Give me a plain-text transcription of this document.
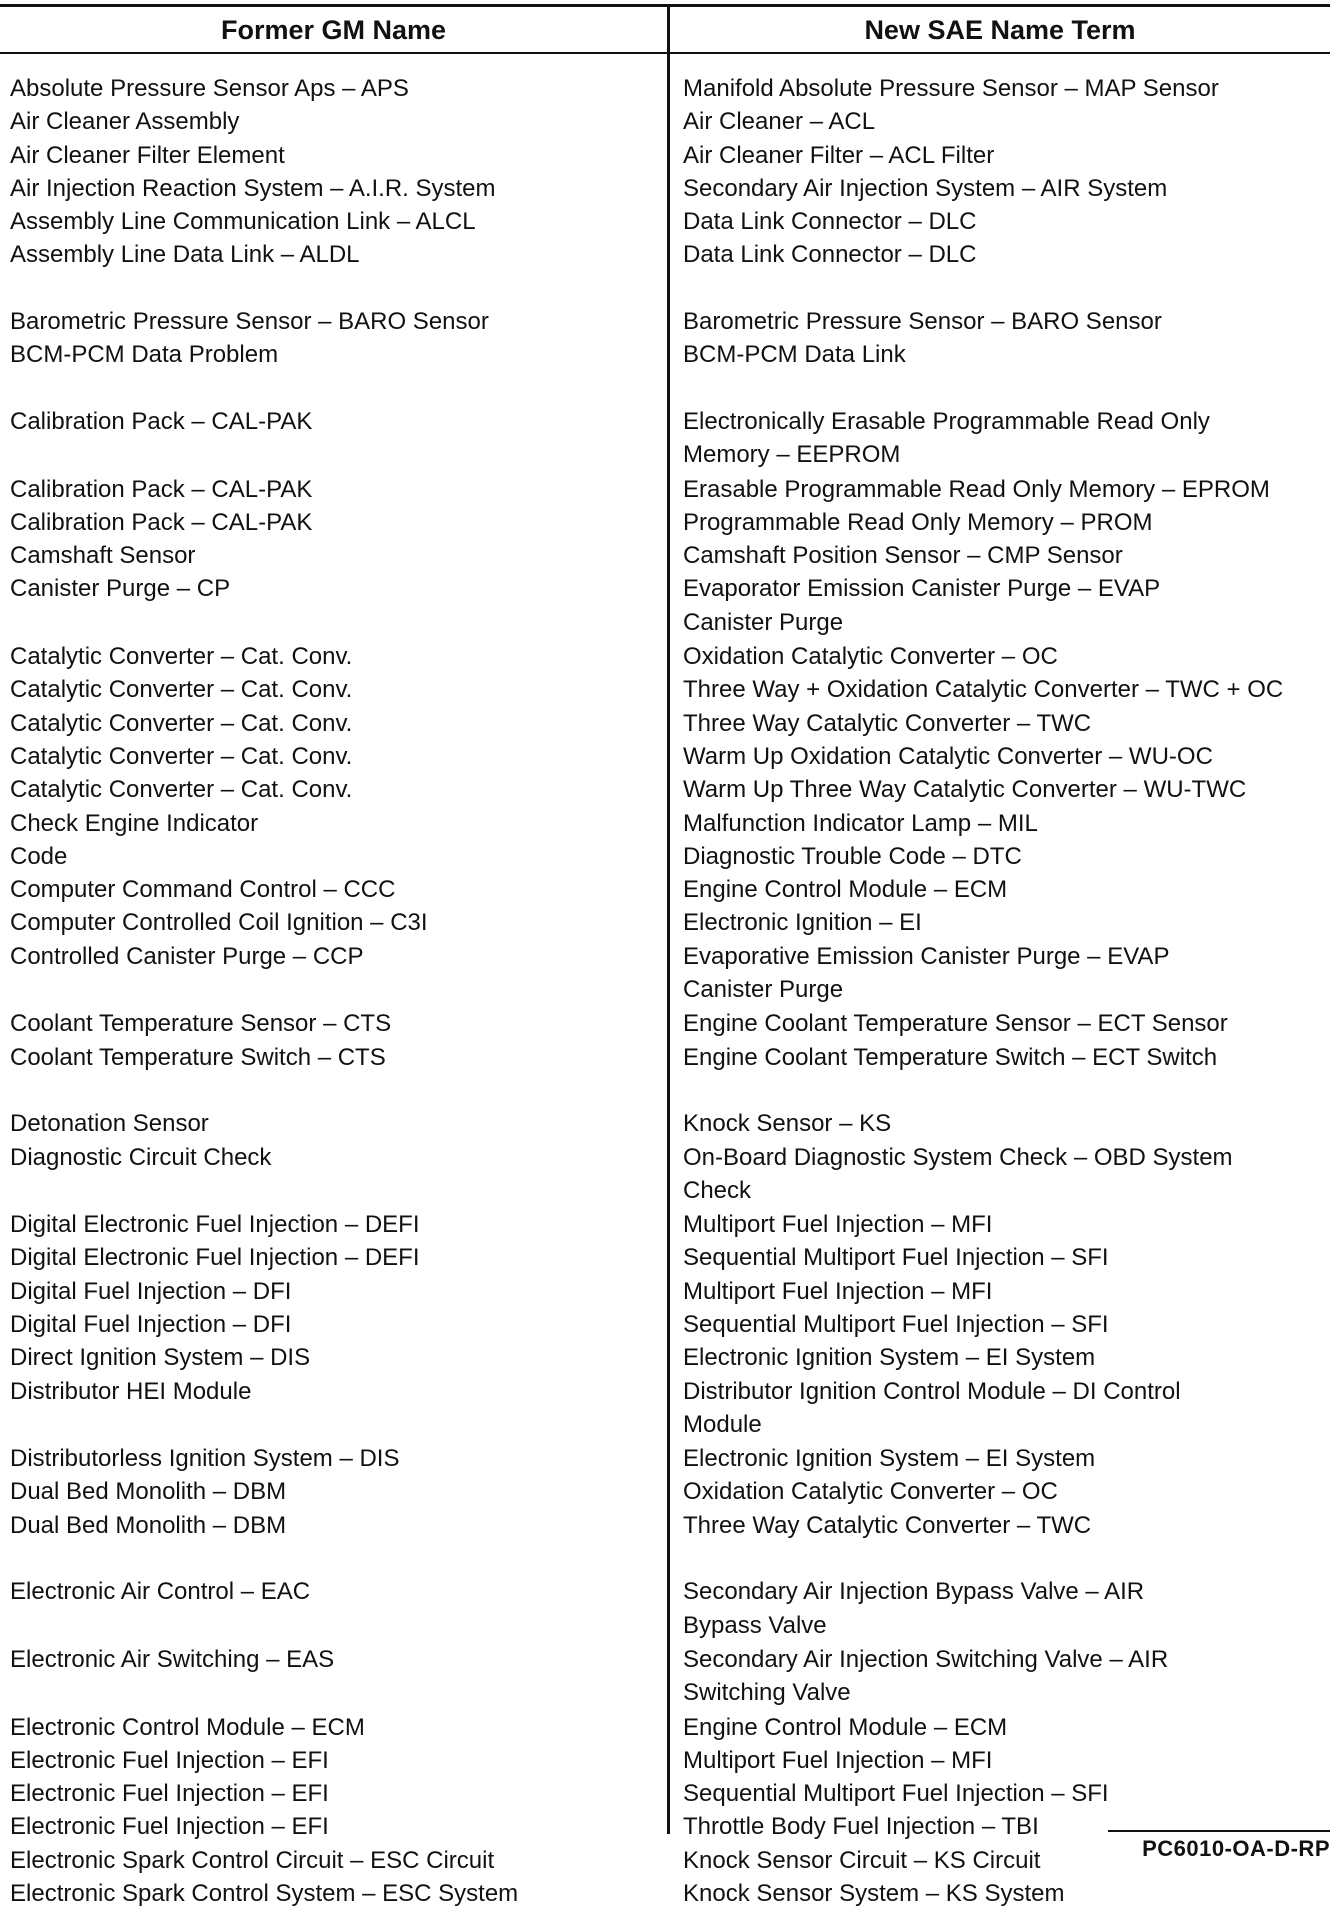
Former GM Name	New SAE Name Term
Absolute Pressure Sensor Aps – APS
Air Cleaner Assembly
Air Cleaner Filter Element
Air Injection Reaction System – A.I.R. System
Assembly Line Communication Link – ALCL
Assembly Line Data Link – ALDL
Barometric Pressure Sensor – BARO Sensor
BCM-PCM Data Problem
Calibration Pack – CAL-PAK
Calibration Pack – CAL-PAK
Calibration Pack – CAL-PAK
Camshaft Sensor
Canister Purge – CP
Catalytic Converter – Cat. Conv.
Catalytic Converter – Cat. Conv.
Catalytic Converter – Cat. Conv.
Catalytic Converter – Cat. Conv.
Catalytic Converter – Cat. Conv.
Check Engine Indicator
Code
Computer Command Control – CCC
Computer Controlled Coil Ignition – C3I
Controlled Canister Purge – CCP
Coolant Temperature Sensor – CTS
Coolant Temperature Switch – CTS
Detonation Sensor
Diagnostic Circuit Check
Digital Electronic Fuel Injection – DEFI
Digital Electronic Fuel Injection – DEFI
Digital Fuel Injection – DFI
Digital Fuel Injection – DFI
Direct Ignition System – DIS
Distributor HEI Module
Distributorless Ignition System – DIS
Dual Bed Monolith – DBM
Dual Bed Monolith – DBM
Electronic Air Control – EAC
Electronic Air Switching – EAS
Electronic Control Module – ECM
Electronic Fuel Injection – EFI
Electronic Fuel Injection – EFI
Electronic Fuel Injection – EFI
Electronic Spark Control Circuit – ESC Circuit
Electronic Spark Control System – ESC System
Manifold Absolute Pressure Sensor – MAP Sensor
Air Cleaner – ACL
Air Cleaner Filter – ACL Filter
Secondary Air Injection System – AIR System
Data Link Connector – DLC
Data Link Connector – DLC
Barometric Pressure Sensor – BARO Sensor
BCM-PCM Data Link
Electronically Erasable Programmable Read Only
Memory – EEPROM
Erasable Programmable Read Only Memory – EPROM
Programmable Read Only Memory – PROM
Camshaft Position Sensor – CMP Sensor
Evaporator Emission Canister Purge – EVAP
Canister Purge
Oxidation Catalytic Converter – OC
Three Way + Oxidation Catalytic Converter – TWC + OC
Three Way Catalytic Converter – TWC
Warm Up Oxidation Catalytic Converter – WU-OC
Warm Up Three Way Catalytic Converter – WU-TWC
Malfunction Indicator Lamp – MIL
Diagnostic Trouble Code – DTC
Engine Control Module – ECM
Electronic Ignition – EI
Evaporative Emission Canister Purge – EVAP
Canister Purge
Engine Coolant Temperature Sensor – ECT Sensor
Engine Coolant Temperature Switch – ECT Switch
Knock Sensor – KS
On-Board Diagnostic System Check – OBD System
Check
Multiport Fuel Injection – MFI
Sequential Multiport Fuel Injection – SFI
Multiport Fuel Injection – MFI
Sequential Multiport Fuel Injection – SFI
Electronic Ignition System – EI System
Distributor Ignition Control Module – DI Control
Module
Electronic Ignition System – EI System
Oxidation Catalytic Converter – OC
Three Way Catalytic Converter – TWC
Secondary Air Injection Bypass Valve – AIR
Bypass Valve
Secondary Air Injection Switching Valve – AIR
Switching Valve
Engine Control Module – ECM
Multiport Fuel Injection – MFI
Sequential Multiport Fuel Injection – SFI
Throttle Body Fuel Injection – TBI
Knock Sensor Circuit – KS Circuit
Knock Sensor System – KS System
PC6010-OA-D-RP
